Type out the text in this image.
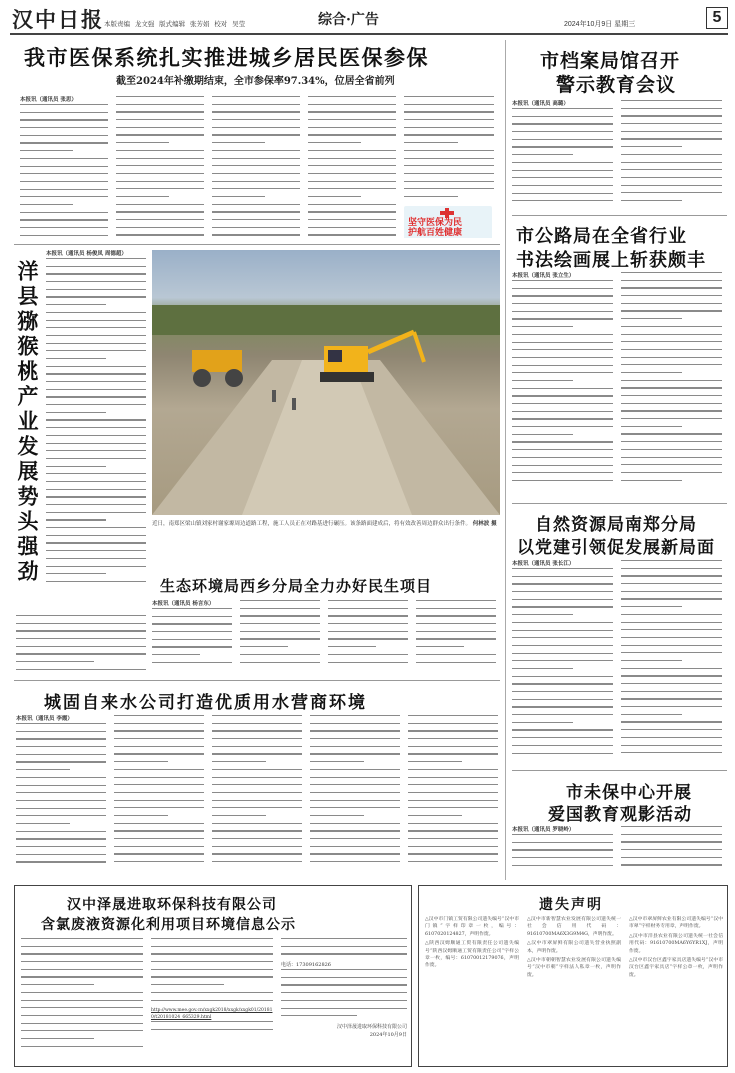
汉中日报 本版责编 龙文强 版式编辑 张芳娟 校对 吴莹	综合·广告	2024年10月9日 星期三	5
我市医保系统扎实推进城乡居民医保参保
截至2024年补缴期结束，全市参保率97.34%，位居全省前列
本报讯（通讯员 张思）
坚守医保为民
护航百姓健康
市档案局馆召开
警示教育会议
本报讯（通讯员 高璐）
洋县猕猴桃产业发展势头强劲
本报讯（通讯员 杨俊凤 周德超）
近日，南郑区梁山镇刘家村谢家塬周边道路工程，施工人员正在对路基进行碾压。该条路面建成后，将有效改善周边群众出行条件。 何林波 摄
生态环境局西乡分局全力办好民生项目
本报讯（通讯员 杨言东）
市公路局在全省行业
书法绘画展上斩获颇丰
本报讯（通讯员 张立生）
自然资源局南郑分局
以党建引领促发展新局面
本报讯（通讯员 张长江）
城固自来水公司打造优质用水营商环境
本报讯（通讯员 李霞）
市未保中心开展
爱国教育观影活动
本报讯（通讯员 罗晓岭）
汉中泽晟进取环保科技有限公司
含氯废液资源化利用项目环境信息公示
http://www.mee.gov.cn/xxgk2018/xxgk/xxgk01/201810/t20181024_665329.html
电话：17309162826
汉中泽晟进取环保科技有限公司
2024年10月9日
遗失声明

△汉中市门镇工贸有限公司遗失编号“汉中市门镇”字样印章一枚，编号：6107020124827，声明作废。

△陕西汉姆顺通工贸有限责任公司遗失编号“陕西汉姆顺通工贸有限责任公司”字样公章一枚，编号：61070012179076，声明作废。

△汉中市新智慧农业发展有限公司遗失统一社会信用代码：91610700MA6X3G9M4G，声明作废。

△汉中市翠屏鲜有限公司遗失营业执照副本，声明作废。

△汉中市朝朝智慧农业发展有限公司遗失编号“汉中市朝”字样法人私章一枚，声明作废。

△汉中市翠屏鲜农业有限公司遗失编号“汉中市翠”字样财务专用章，声明作废。

△汉中市洋县农业有限公司遗失统一社会信用代码：91610700MA6Y6YR1XJ，声明作废。

△汉中市汉台区鑫宇家具店遗失编号“汉中市汉台区鑫宇家具店”字样公章一枚，声明作废。
